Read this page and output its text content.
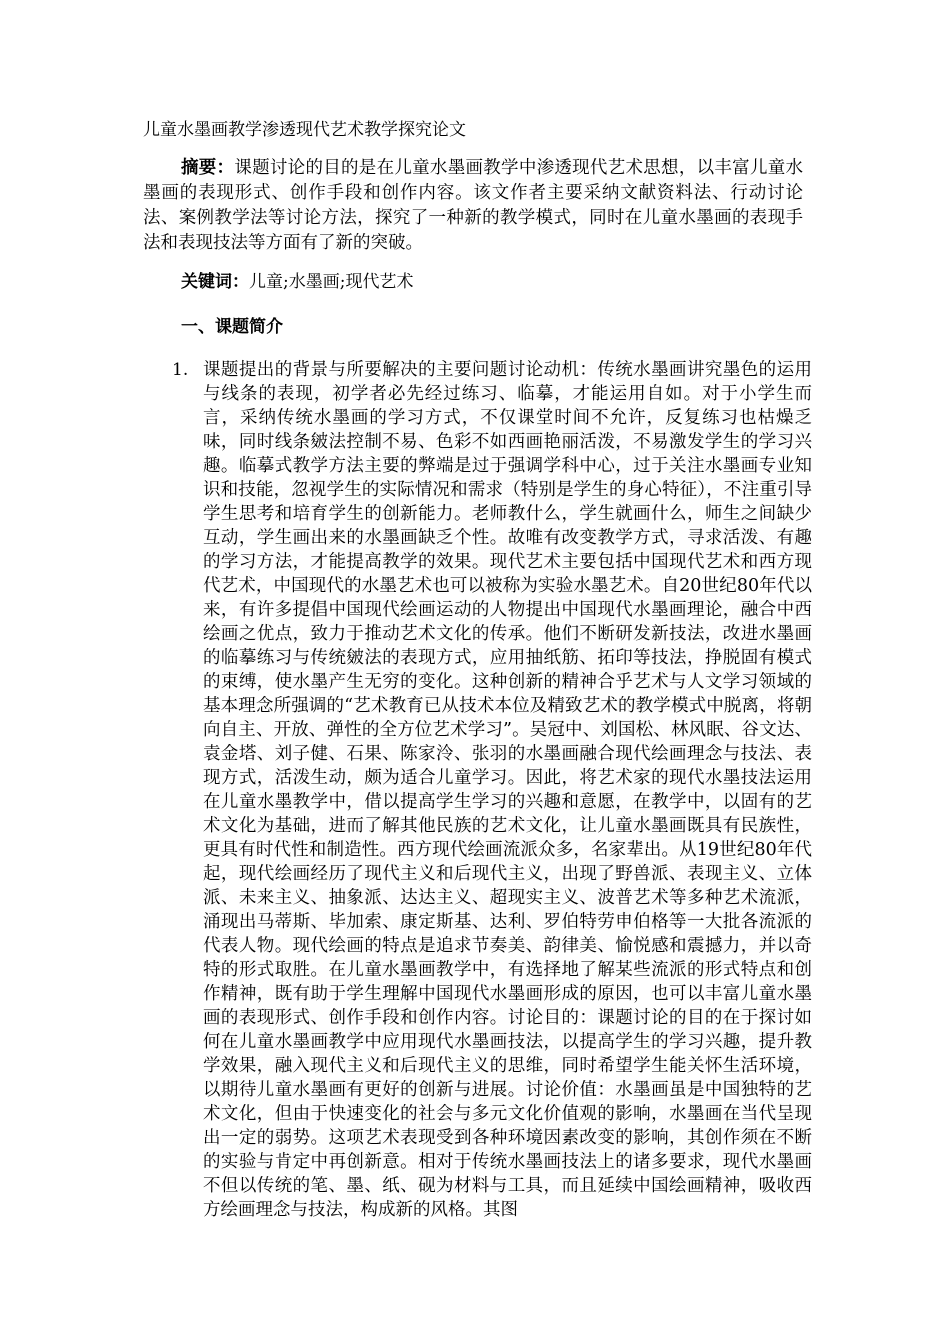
儿童水墨画教学渗透现代艺术教学探究论文

摘要：课题讨论的目的是在儿童水墨画教学中渗透现代艺术思想，以丰富儿童水墨画的表现形式、创作手段和创作内容。该文作者主要采纳文献资料法、行动讨论法、案例教学法等讨论方法，探究了一种新的教学模式，同时在儿童水墨画的表现手法和表现技法等方面有了新的突破。

关键词：儿童;水墨画;现代艺术
一、课题简介
1. 课题提出的背景与所要解决的主要问题讨论动机：传统水墨画讲究墨色的运用与线条的表现，初学者必先经过练习、临摹，才能运用自如。对于小学生而言，采纳传统水墨画的学习方式，不仅课堂时间不允许，反复练习也枯燥乏味，同时线条皴法控制不易、色彩不如西画艳丽活泼，不易激发学生的学习兴趣。临摹式教学方法主要的弊端是过于强调学科中心，过于关注水墨画专业知识和技能，忽视学生的实际情况和需求（特别是学生的身心特征），不注重引导学生思考和培育学生的创新能力。老师教什么，学生就画什么，师生之间缺少互动，学生画出来的水墨画缺乏个性。故唯有改变教学方式，寻求活泼、有趣的学习方法，才能提高教学的效果。现代艺术主要包括中国现代艺术和西方现代艺术，中国现代的水墨艺术也可以被称为实验水墨艺术。自20世纪80年代以来，有许多提倡中国现代绘画运动的人物提出中国现代水墨画理论，融合中西绘画之优点，致力于推动艺术文化的传承。他们不断研发新技法，改进水墨画的临摹练习与传统皴法的表现方式，应用抽纸筋、拓印等技法，挣脱固有模式的束缚，使水墨产生无穷的变化。这种创新的精神合乎艺术与人文学习领域的基本理念所强调的“艺术教育已从技术本位及精致艺术的教学模式中脱离，将朝向自主、开放、弹性的全方位艺术学习”。吴冠中、刘国松、林风眠、谷文达、袁金塔、刘子健、石果、陈家泠、张羽的水墨画融合现代绘画理念与技法、表现方式，活泼生动，颇为适合儿童学习。因此，将艺术家的现代水墨技法运用在儿童水墨教学中，借以提高学生学习的兴趣和意愿，在教学中，以固有的艺术文化为基础，进而了解其他民族的艺术文化，让儿童水墨画既具有民族性，更具有时代性和制造性。西方现代绘画流派众多，名家辈出。从19世纪80年代起，现代绘画经历了现代主义和后现代主义，出现了野兽派、表现主义、立体派、未来主义、抽象派、达达主义、超现实主义、波普艺术等多种艺术流派，涌现出马蒂斯、毕加索、康定斯基、达利、罗伯特劳申伯格等一大批各流派的代表人物。现代绘画的特点是追求节奏美、韵律美、愉悦感和震撼力，并以奇特的形式取胜。在儿童水墨画教学中，有选择地了解某些流派的形式特点和创作精神，既有助于学生理解中国现代水墨画形成的原因，也可以丰富儿童水墨画的表现形式、创作手段和创作内容。讨论目的：课题讨论的目的在于探讨如何在儿童水墨画教学中应用现代水墨画技法，以提高学生的学习兴趣，提升教学效果，融入现代主义和后现代主义的思维，同时希望学生能关怀生活环境，以期待儿童水墨画有更好的创新与进展。讨论价值：水墨画虽是中国独特的艺术文化，但由于快速变化的社会与多元文化价值观的影响，水墨画在当代呈现出一定的弱势。这项艺术表现受到各种环境因素改变的影响，其创作须在不断的实验与肯定中再创新意。相对于传统水墨画技法上的诸多要求，现代水墨画不但以传统的笔、墨、纸、砚为材料与工具，而且延续中国绘画精神，吸收西方绘画理念与技法，构成新的风格。其图
